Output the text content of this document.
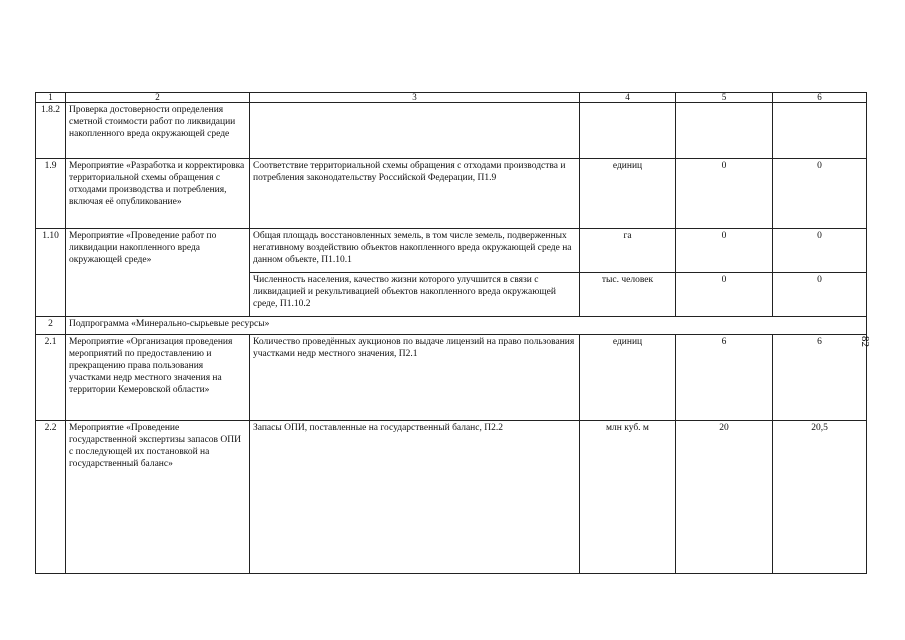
1	2	3	4	5	6
1.8.2	Проверка достоверности определения сметной стоимости работ по ликвидации накопленного вреда окружающей среде				
1.9	Мероприятие «Разработка и корректировка территориальной схемы обращения с отходами производства и потребления, включая её опубликование»	Соответствие территориальной схемы обращения с отходами производства и потребления законодательству Российской Федерации, П1.9	единиц	0	0
1.10	Мероприятие «Проведение работ по ликвидации накопленного вреда окружающей среде»	Общая площадь восстановленных земель, в том числе земель, подверженных негативному воздействию объектов накопленного вреда окружающей среде на данном объекте, П1.10.1	га	0	0
		Численность населения, качество жизни которого улучшится в связи с ликвидацией и рекультивацией объектов накопленного вреда окружающей среде, П1.10.2	тыс. человек	0	0
2	Подпрограмма «Минерально-сырьевые ресурсы»				
2.1	Мероприятие «Организация проведения мероприятий по предоставлению и прекращению права пользования участками недр местного значения на территории Кемеровской области»	Количество проведённых аукционов по выдаче лицензий на право пользования участками недр местного значения, П2.1	единиц	6	6
2.2	Мероприятие «Проведение государственной экспертизы запасов ОПИ с последующей их постановкой на государственный баланс»	Запасы ОПИ, поставленные на государственный баланс, П2.2	млн куб. м	20	20,5
82
